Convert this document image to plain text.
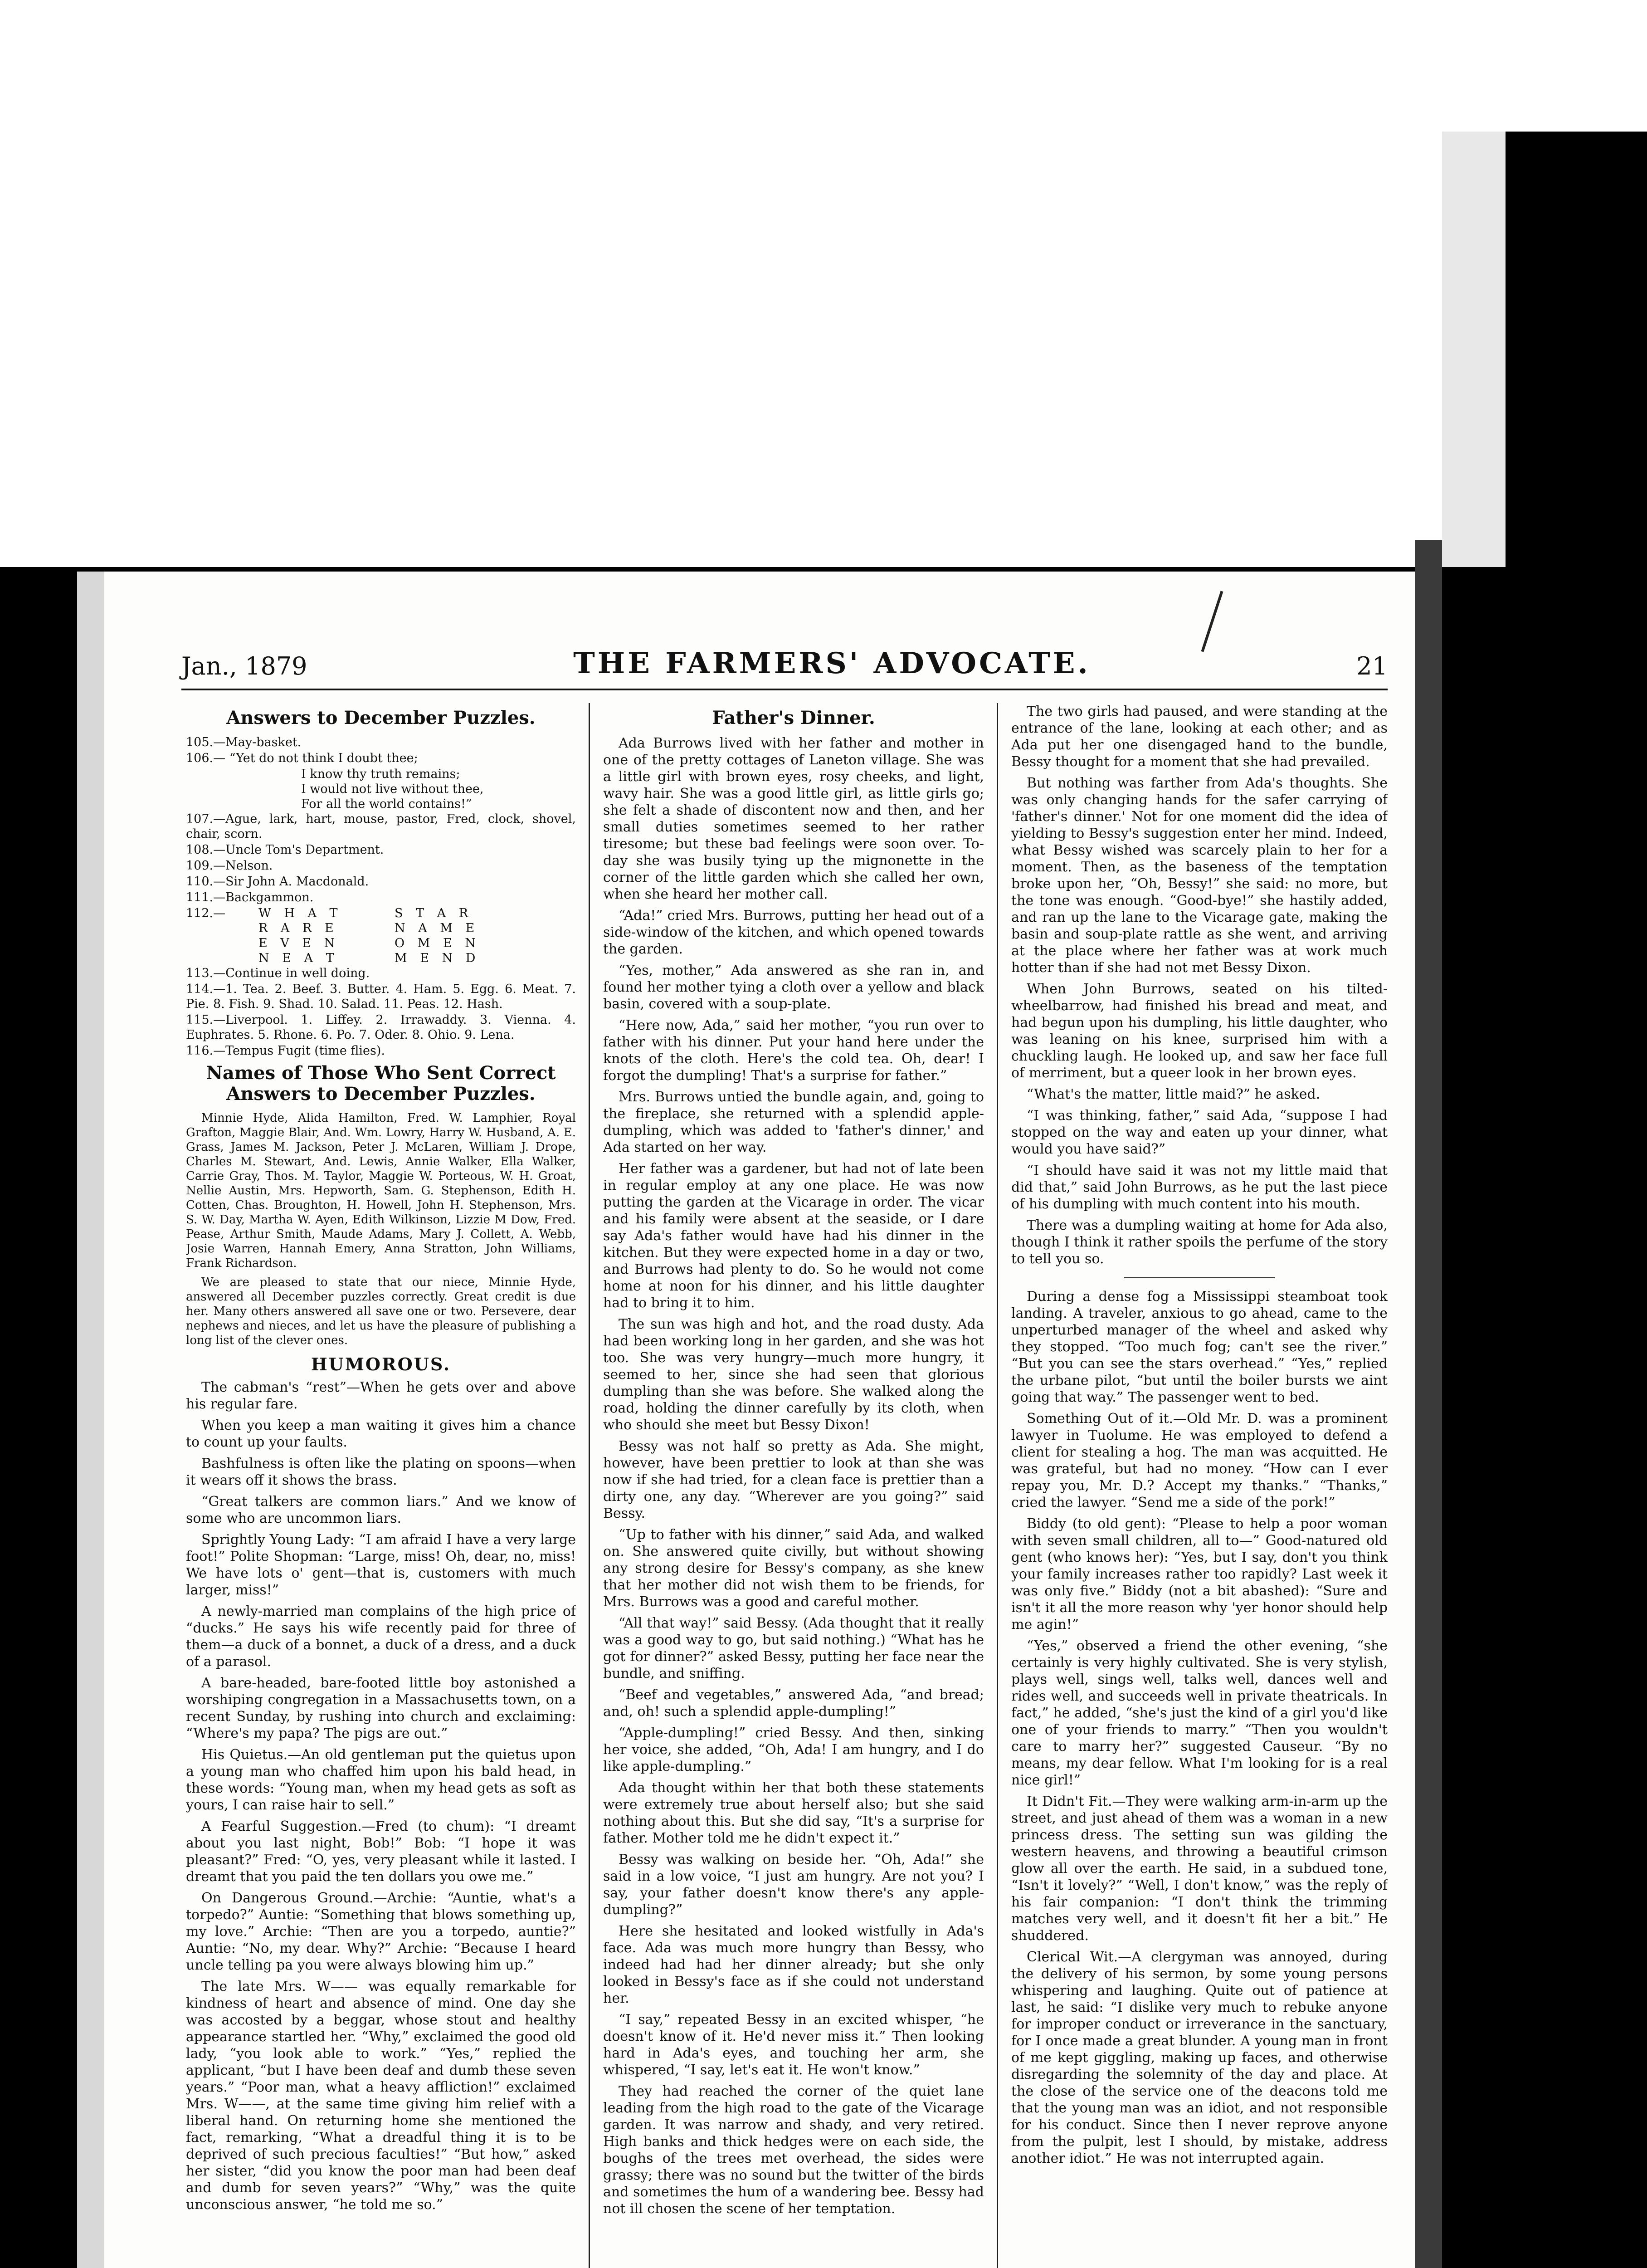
Jan., 1879	THE FARMERS' ADVOCATE.	21
Answers to December Puzzles.
105.—May-basket.
106.— “Yet do not think I doubt thee;

I know thy truth remains;

I would not live without thee,

For all the world contains!”

107.—Ague, lark, hart, mouse, pastor, Fred, clock, shovel, chair, scorn.
108.—Uncle Tom's Department.
109.—Nelson.
110.—Sir John A. Macdonald.
111.—Backgammon.
112.—	W H A T	S T A R
R A R E	N A M E
E V E N	O M E N
N E A T	M E N D
113.—Continue in well doing.
114.—1. Tea. 2. Beef. 3. Butter. 4. Ham. 5. Egg. 6. Meat. 7. Pie. 8. Fish. 9. Shad. 10. Salad. 11. Peas. 12. Hash.
115.—Liverpool. 1. Liffey. 2. Irrawaddy. 3. Vienna. 4. Euphrates. 5. Rhone. 6. Po. 7. Oder. 8. Ohio. 9. Lena.
116.—Tempus Fugit (time flies).
Names of Those Who Sent Correct Answers to December Puzzles.

Minnie Hyde, Alida Hamilton, Fred. W. Lamphier, Royal Grafton, Maggie Blair, And. Wm. Lowry, Harry W. Husband, A. E. Grass, James M. Jackson, Peter J. McLaren, William J. Drope, Charles M. Stewart, And. Lewis, Annie Walker, Ella Walker, Carrie Gray, Thos. M. Taylor, Maggie W. Porteous, W. H. Groat, Nellie Austin, Mrs. Hepworth, Sam. G. Stephenson, Edith H. Cotten, Chas. Broughton, H. Howell, John H. Stephenson, Mrs. S. W. Day, Martha W. Ayen, Edith Wilkinson, Lizzie M Dow, Fred. Pease, Arthur Smith, Maude Adams, Mary J. Collett, A. Webb, Josie Warren, Hannah Emery, Anna Stratton, John Williams, Frank Richardson.

We are pleased to state that our niece, Minnie Hyde, answered all December puzzles correctly. Great credit is due her. Many others answered all save one or two. Persevere, dear nephews and nieces, and let us have the pleasure of publishing a long list of the clever ones.

HUMOROUS.

The cabman's “rest”—When he gets over and above his regular fare.

When you keep a man waiting it gives him a chance to count up your faults.

Bashfulness is often like the plating on spoons—when it wears off it shows the brass.

“Great talkers are common liars.” And we know of some who are uncommon liars.

Sprightly Young Lady: “I am afraid I have a very large foot!” Polite Shopman: “Large, miss! Oh, dear, no, miss! We have lots o' gent—that is, customers with much larger, miss!”

A newly-married man complains of the high price of “ducks.” He says his wife recently paid for three of them—a duck of a bonnet, a duck of a dress, and a duck of a parasol.

A bare-headed, bare-footed little boy astonished a worshiping congregation in a Massachusetts town, on a recent Sunday, by rushing into church and exclaiming: “Where's my papa? The pigs are out.”

His Quietus.—An old gentleman put the quietus upon a young man who chaffed him upon his bald head, in these words: “Young man, when my head gets as soft as yours, I can raise hair to sell.”

A Fearful Suggestion.—Fred (to chum): “I dreamt about you last night, Bob!” Bob: “I hope it was pleasant?” Fred: “O, yes, very pleasant while it lasted. I dreamt that you paid the ten dollars you owe me.”

On Dangerous Ground.—Archie: “Auntie, what's a torpedo?” Auntie: “Something that blows something up, my love.” Archie: “Then are you a torpedo, auntie?” Auntie: “No, my dear. Why?” Archie: “Because I heard uncle telling pa you were always blowing him up.”

The late Mrs. W—— was equally remarkable for kindness of heart and absence of mind. One day she was accosted by a beggar, whose stout and healthy appearance startled her. “Why,” exclaimed the good old lady, “you look able to work.” “Yes,” replied the applicant, “but I have been deaf and dumb these seven years.” “Poor man, what a heavy affliction!” exclaimed Mrs. W——, at the same time giving him relief with a liberal hand. On returning home she mentioned the fact, remarking, “What a dreadful thing it is to be deprived of such precious faculties!” “But how,” asked her sister, “did you know the poor man had been deaf and dumb for seven years?” “Why,” was the quite unconscious answer, “he told me so.”

Father's Dinner.

Ada Burrows lived with her father and mother in one of the pretty cottages of Laneton village. She was a little girl with brown eyes, rosy cheeks, and light, wavy hair. She was a good little girl, as little girls go; she felt a shade of discontent now and then, and her small duties sometimes seemed to her rather tiresome; but these bad feelings were soon over. To-day she was busily tying up the mignonette in the corner of the little garden which she called her own, when she heard her mother call.

“Ada!” cried Mrs. Burrows, putting her head out of a side-window of the kitchen, and which opened towards the garden.

“Yes, mother,” Ada answered as she ran in, and found her mother tying a cloth over a yellow and black basin, covered with a soup-plate.

“Here now, Ada,” said her mother, “you run over to father with his dinner. Put your hand here under the knots of the cloth. Here's the cold tea. Oh, dear! I forgot the dumpling! That's a surprise for father.”

Mrs. Burrows untied the bundle again, and, going to the fireplace, she returned with a splendid apple-dumpling, which was added to 'father's dinner,' and Ada started on her way.

Her father was a gardener, but had not of late been in regular employ at any one place. He was now putting the garden at the Vicarage in order. The vicar and his family were absent at the seaside, or I dare say Ada's father would have had his dinner in the kitchen. But they were expected home in a day or two, and Burrows had plenty to do. So he would not come home at noon for his dinner, and his little daughter had to bring it to him.

The sun was high and hot, and the road dusty. Ada had been working long in her garden, and she was hot too. She was very hungry—much more hungry, it seemed to her, since she had seen that glorious dumpling than she was before. She walked along the road, holding the dinner carefully by its cloth, when who should she meet but Bessy Dixon!

Bessy was not half so pretty as Ada. She might, however, have been prettier to look at than she was now if she had tried, for a clean face is prettier than a dirty one, any day. “Wherever are you going?” said Bessy.

“Up to father with his dinner,” said Ada, and walked on. She answered quite civilly, but without showing any strong desire for Bessy's company, as she knew that her mother did not wish them to be friends, for Mrs. Burrows was a good and careful mother.

“All that way!” said Bessy. (Ada thought that it really was a good way to go, but said nothing.) “What has he got for dinner?” asked Bessy, putting her face near the bundle, and sniffing.

“Beef and vegetables,” answered Ada, “and bread; and, oh! such a splendid apple-dumpling!”

“Apple-dumpling!” cried Bessy. And then, sinking her voice, she added, “Oh, Ada! I am hungry, and I do like apple-dumpling.”

Ada thought within her that both these statements were extremely true about herself also; but she said nothing about this. But she did say, “It's a surprise for father. Mother told me he didn't expect it.”

Bessy was walking on beside her. “Oh, Ada!” she said in a low voice, “I just am hungry. Are not you? I say, your father doesn't know there's any apple-dumpling?”

Here she hesitated and looked wistfully in Ada's face. Ada was much more hungry than Bessy, who indeed had had her dinner already; but she only looked in Bessy's face as if she could not understand her.

“I say,” repeated Bessy in an excited whisper, “he doesn't know of it. He'd never miss it.” Then looking hard in Ada's eyes, and touching her arm, she whispered, “I say, let's eat it. He won't know.”

They had reached the corner of the quiet lane leading from the high road to the gate of the Vicarage garden. It was narrow and shady, and very retired. High banks and thick hedges were on each side, the boughs of the trees met overhead, the sides were grassy; there was no sound but the twitter of the birds and sometimes the hum of a wandering bee. Bessy had not ill chosen the scene of her temptation.

The two girls had paused, and were standing at the entrance of the lane, looking at each other; and as Ada put her one disengaged hand to the bundle, Bessy thought for a moment that she had prevailed.

But nothing was farther from Ada's thoughts. She was only changing hands for the safer carrying of 'father's dinner.' Not for one moment did the idea of yielding to Bessy's suggestion enter her mind. Indeed, what Bessy wished was scarcely plain to her for a moment. Then, as the baseness of the temptation broke upon her, “Oh, Bessy!” she said: no more, but the tone was enough. “Good-bye!” she hastily added, and ran up the lane to the Vicarage gate, making the basin and soup-plate rattle as she went, and arriving at the place where her father was at work much hotter than if she had not met Bessy Dixon.

When John Burrows, seated on his tilted-wheelbarrow, had finished his bread and meat, and had begun upon his dumpling, his little daughter, who was leaning on his knee, surprised him with a chuckling laugh. He looked up, and saw her face full of merriment, but a queer look in her brown eyes.

“What's the matter, little maid?” he asked.

“I was thinking, father,” said Ada, “suppose I had stopped on the way and eaten up your dinner, what would you have said?”

“I should have said it was not my little maid that did that,” said John Burrows, as he put the last piece of his dumpling with much content into his mouth.

There was a dumpling waiting at home for Ada also, though I think it rather spoils the perfume of the story to tell you so.

During a dense fog a Mississippi steamboat took landing. A traveler, anxious to go ahead, came to the unperturbed manager of the wheel and asked why they stopped. “Too much fog; can't see the river.” “But you can see the stars overhead.” “Yes,” replied the urbane pilot, “but until the boiler bursts we aint going that way.” The passenger went to bed.

Something Out of it.—Old Mr. D. was a prominent lawyer in Tuolume. He was employed to defend a client for stealing a hog. The man was acquitted. He was grateful, but had no money. “How can I ever repay you, Mr. D.? Accept my thanks.” “Thanks,” cried the lawyer. “Send me a side of the pork!”

Biddy (to old gent): “Please to help a poor woman with seven small children, all to—” Good-natured old gent (who knows her): “Yes, but I say, don't you think your family increases rather too rapidly? Last week it was only five.” Biddy (not a bit abashed): “Sure and isn't it all the more reason why 'yer honor should help me agin!”

“Yes,” observed a friend the other evening, “she certainly is very highly cultivated. She is very stylish, plays well, sings well, talks well, dances well and rides well, and succeeds well in private theatricals. In fact,” he added, “she's just the kind of a girl you'd like one of your friends to marry.” “Then you wouldn't care to marry her?” suggested Causeur. “By no means, my dear fellow. What I'm looking for is a real nice girl!”

It Didn't Fit.—They were walking arm-in-arm up the street, and just ahead of them was a woman in a new princess dress. The setting sun was gilding the western heavens, and throwing a beautiful crimson glow all over the earth. He said, in a subdued tone, “Isn't it lovely?” “Well, I don't know,” was the reply of his fair companion: “I don't think the trimming matches very well, and it doesn't fit her a bit.” He shuddered.

Clerical Wit.—A clergyman was annoyed, during the delivery of his sermon, by some young persons whispering and laughing. Quite out of patience at last, he said: “I dislike very much to rebuke anyone for improper conduct or irreverance in the sanctuary, for I once made a great blunder. A young man in front of me kept giggling, making up faces, and otherwise disregarding the solemnity of the day and place. At the close of the service one of the deacons told me that the young man was an idiot, and not responsible for his conduct. Since then I never reprove anyone from the pulpit, lest I should, by mistake, address another idiot.” He was not interrupted again.
